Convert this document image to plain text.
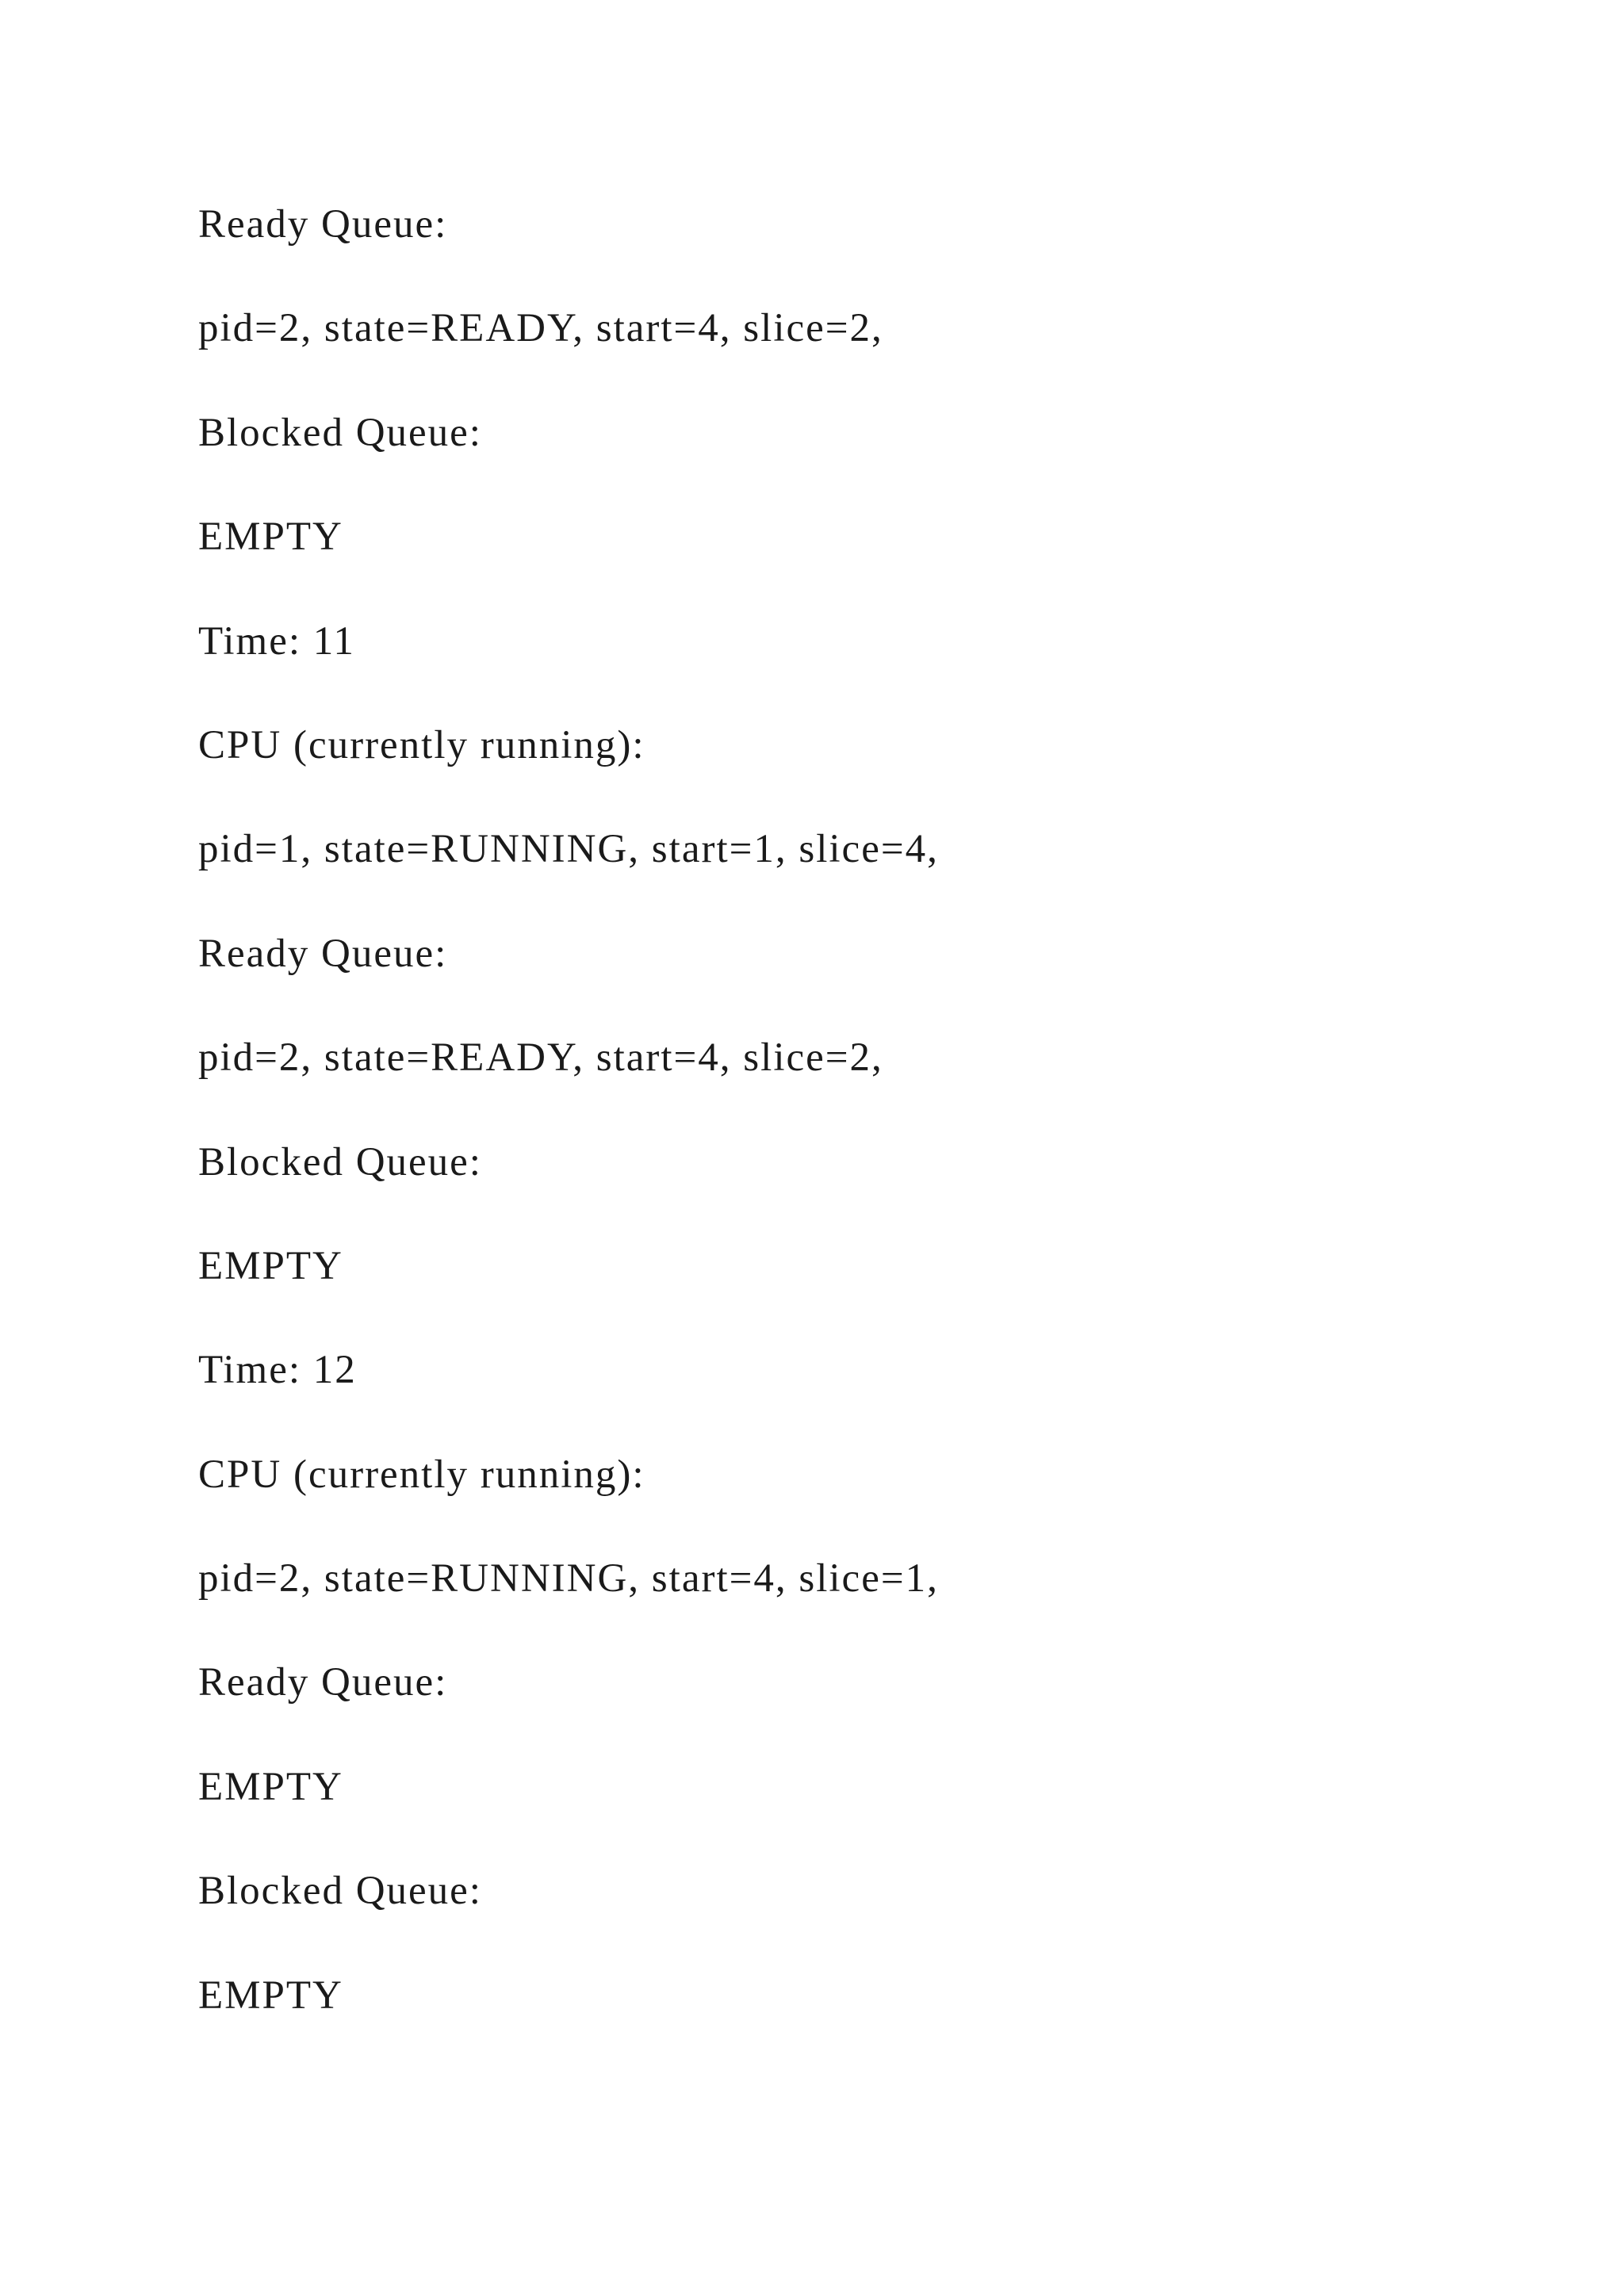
Ready Queue:
pid=2, state=READY, start=4, slice=2,
Blocked Queue:
EMPTY
Time: 11
CPU (currently running):
pid=1, state=RUNNING, start=1, slice=4,
Ready Queue:
pid=2, state=READY, start=4, slice=2,
Blocked Queue:
EMPTY
Time: 12
CPU (currently running):
pid=2, state=RUNNING, start=4, slice=1,
Ready Queue:
EMPTY
Blocked Queue:
EMPTY
